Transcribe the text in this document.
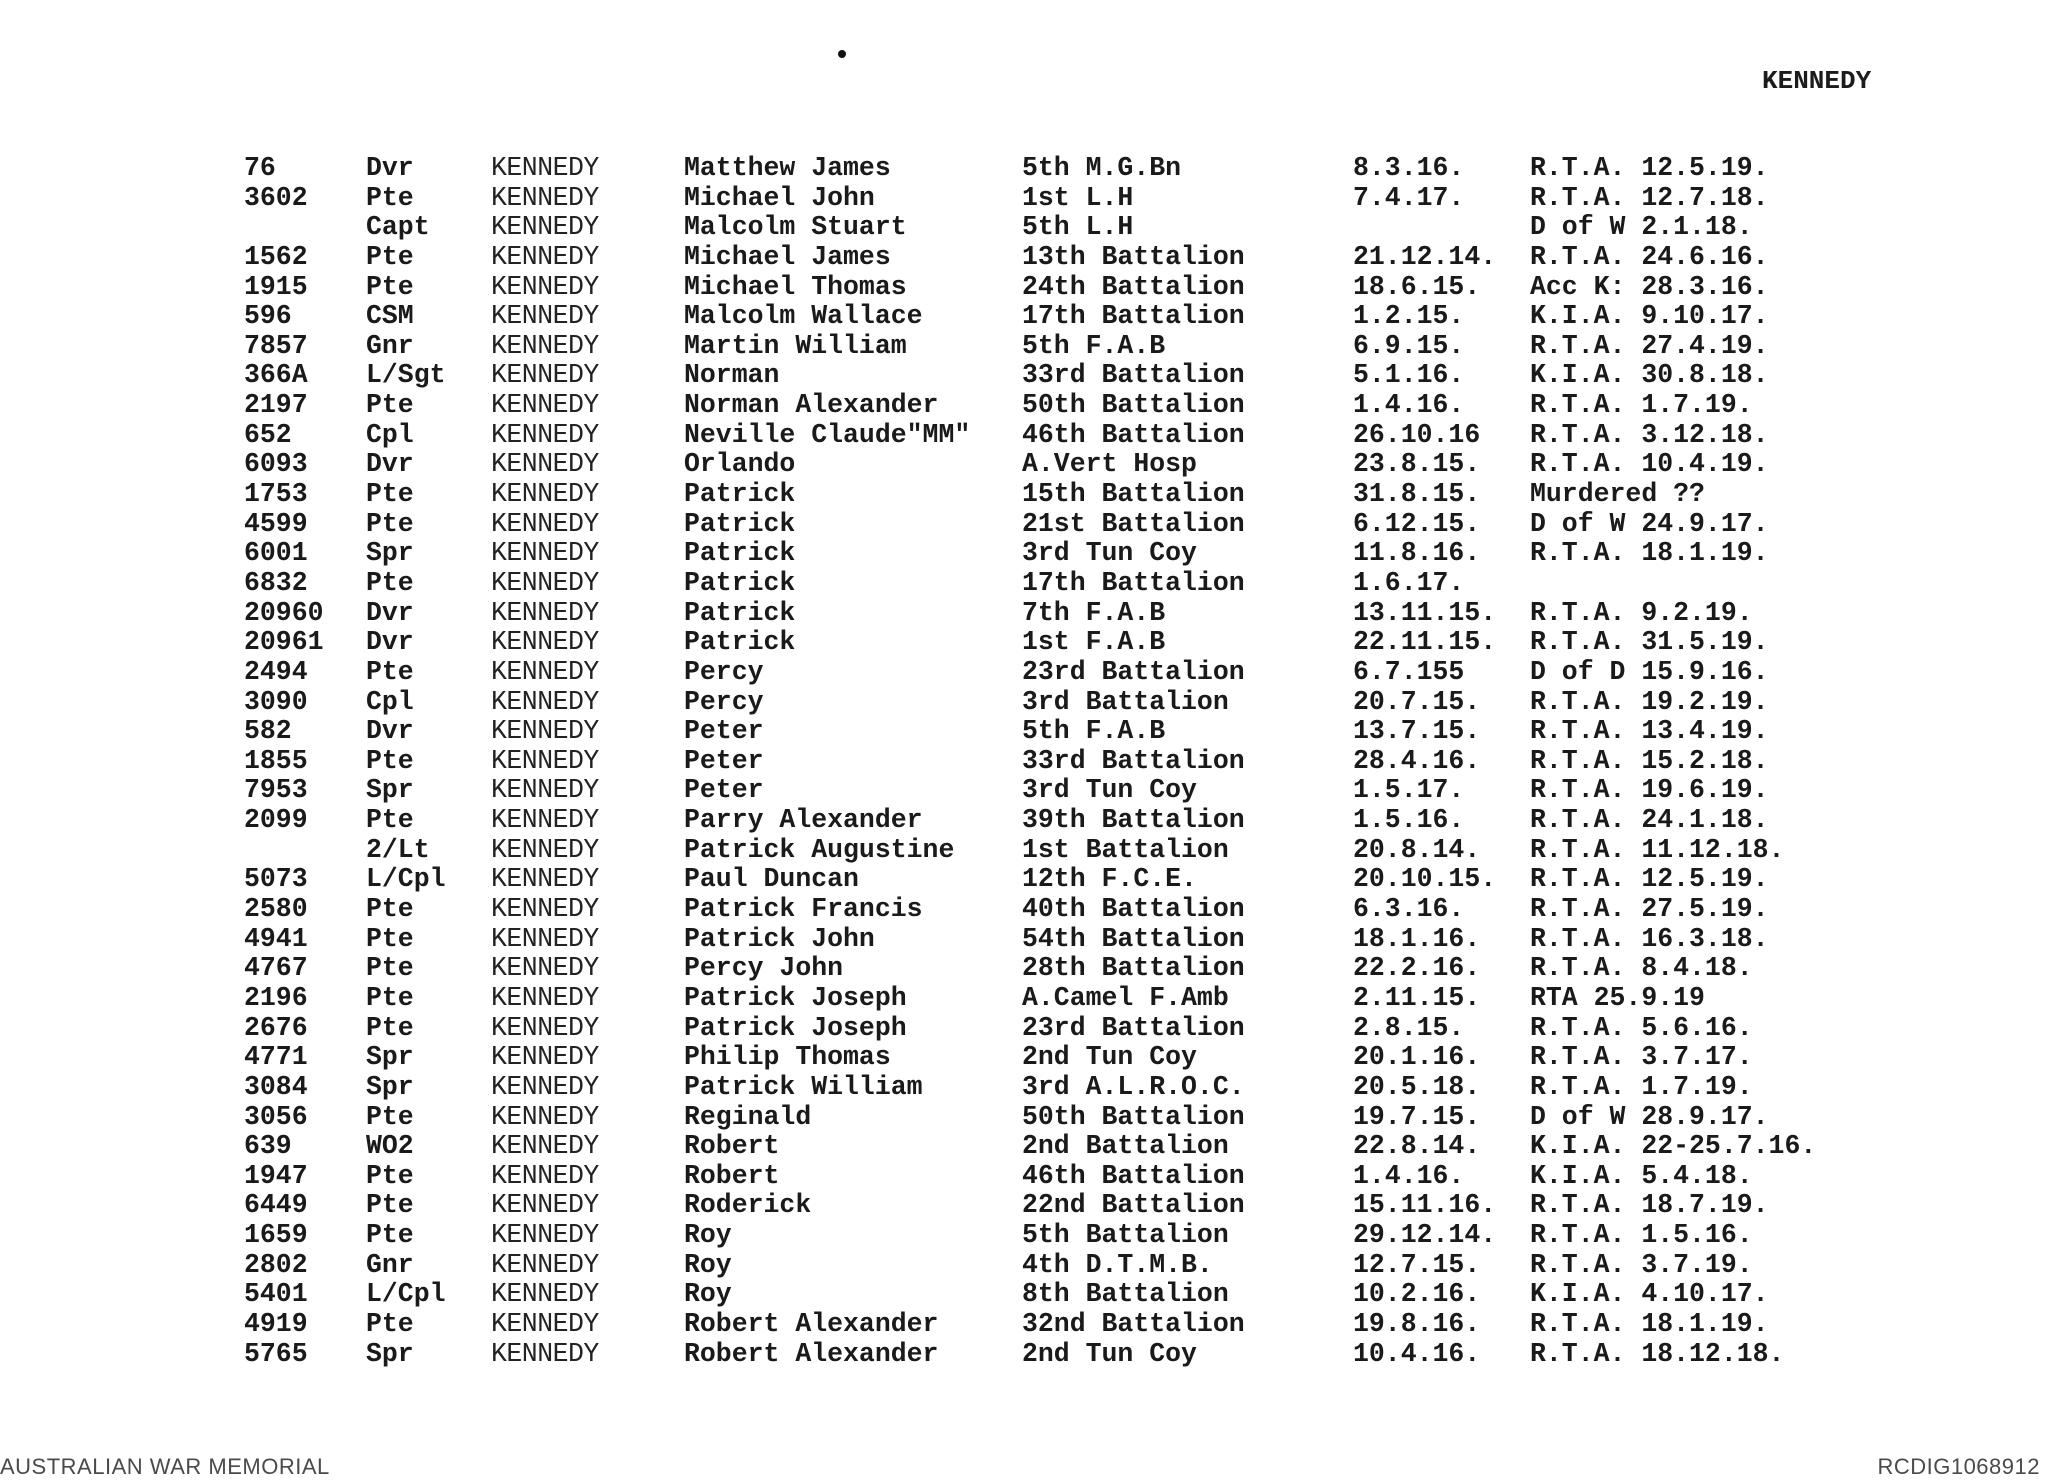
KENNEDY
76	Dvr	KENNEDY	Matthew James	5th M.G.Bn	8.3.16. R.T.A. 12.5.19.
3602 Pte	KENNEDY	Michael John	1st L.H	7.4.17. R.T.A. 12.7.18.
Capt KENNEDY	Malcolm Stuart	5th L.H	D of W 2.1.18.
1562 Pte	KENNEDY	Michael James	13th Battalion	21.12.14. R.T.A. 24.6.16.
1915 Pte	KENNEDY	Michael Thomas	24th Battalion	18.6.15. Acc K: 28.3.16.
596	CSM	KENNEDY	Malcolm Wallace	17th Battalion	1.2.15. K.I.A. 9.10.17.
7857 Gnr	KENNEDY	Martin William	5th F.A.B	6.9.15. R.T.A. 27.4.19.
366A L/Sgt KENNEDY	Norman	33rd Battalion	5.1.16. K.I.A. 30.8.18.
2197 Pte	KENNEDY	Norman Alexander	50th Battalion	1.4.16. R.T.A. 1.7.19.
652	Cpl	KENNEDY	Neville Claude"MM" 46th Battalion	26.10.16 R.T.A. 3.12.18.
6093 Dvr	KENNEDY	Orlando	A.Vert Hosp	23.8.15. R.T.A. 10.4.19.
1753 Pte	KENNEDY	Patrick	15th Battalion	31.8.15. Murdered ??
4599 Pte	KENNEDY	Patrick	21st Battalion	6.12.15. D of W 24.9.17.
6001 Spr	KENNEDY	Patrick	3rd Tun Coy	11.8.16. R.T.A. 18.1.19.
6832 Pte	KENNEDY	Patrick	17th Battalion	1.6.17.
20960 Dvr	KENNEDY	Patrick	7th F.A.B	13.11.15. R.T.A. 9.2.19.
20961 Dvr	KENNEDY	Patrick	1st F.A.B	22.11.15. R.T.A. 31.5.19.
2494 Pte	KENNEDY	Percy	23rd Battalion	6.7.155 D of D 15.9.16.
3090 Cpl	KENNEDY	Percy	3rd Battalion	20.7.15. R.T.A. 19.2.19.
582	Dvr	KENNEDY	Peter	5th F.A.B	13.7.15. R.T.A. 13.4.19.
1855 Pte	KENNEDY	Peter	33rd Battalion	28.4.16. R.T.A. 15.2.18.
7953 Spr	KENNEDY	Peter	3rd Tun Coy	1.5.17. R.T.A. 19.6.19.
2099 Pte	KENNEDY	Parry Alexander	39th Battalion	1.5.16. R.T.A. 24.1.18.
2/Lt KENNEDY	Patrick Augustine	1st Battalion	20.8.14. R.T.A. 11.12.18.
5073 L/Cpl KENNEDY	Paul Duncan	12th F.C.E.	20.10.15. R.T.A. 12.5.19.
2580 Pte	KENNEDY	Patrick Francis	40th Battalion	6.3.16. R.T.A. 27.5.19.
4941 Pte	KENNEDY	Patrick John	54th Battalion	18.1.16. R.T.A. 16.3.18.
4767 Pte	KENNEDY	Percy John	28th Battalion	22.2.16. R.T.A. 8.4.18.
2196 Pte	KENNEDY	Patrick Joseph	A.Camel F.Amb	2.11.15. RTA 25.9.19
2676 Pte	KENNEDY	Patrick Joseph	23rd Battalion	2.8.15. R.T.A. 5.6.16.
4771 Spr	KENNEDY	Philip Thomas	2nd Tun Coy	20.1.16. R.T.A. 3.7.17.
3084 Spr	KENNEDY	Patrick William	3rd A.L.R.O.C.	20.5.18. R.T.A. 1.7.19.
3056 Pte	KENNEDY	Reginald	50th Battalion	19.7.15. D of W 28.9.17.
639	WO2	KENNEDY	Robert	2nd Battalion	22.8.14. K.I.A. 22-25.7.16.
1947 Pte	KENNEDY	Robert	46th Battalion	1.4.16. K.I.A. 5.4.18.
6449 Pte	KENNEDY	Roderick	22nd Battalion	15.11.16. R.T.A. 18.7.19.
1659 Pte	KENNEDY	Roy	5th Battalion	29.12.14. R.T.A. 1.5.16.
2802 Gnr	KENNEDY	Roy	4th D.T.M.B.	12.7.15. R.T.A. 3.7.19.
5401 L/Cpl KENNEDY	Roy	8th Battalion	10.2.16. K.I.A. 4.10.17.
4919 Pte	KENNEDY	Robert Alexander	32nd Battalion	19.8.16. R.T.A. 18.1.19.
5765 Spr	KENNEDY	Robert Alexander	2nd Tun Coy	10.4.16. R.T.A. 18.12.18.
AUSTRALIAN WAR MEMORIAL	RCDIG1068912
